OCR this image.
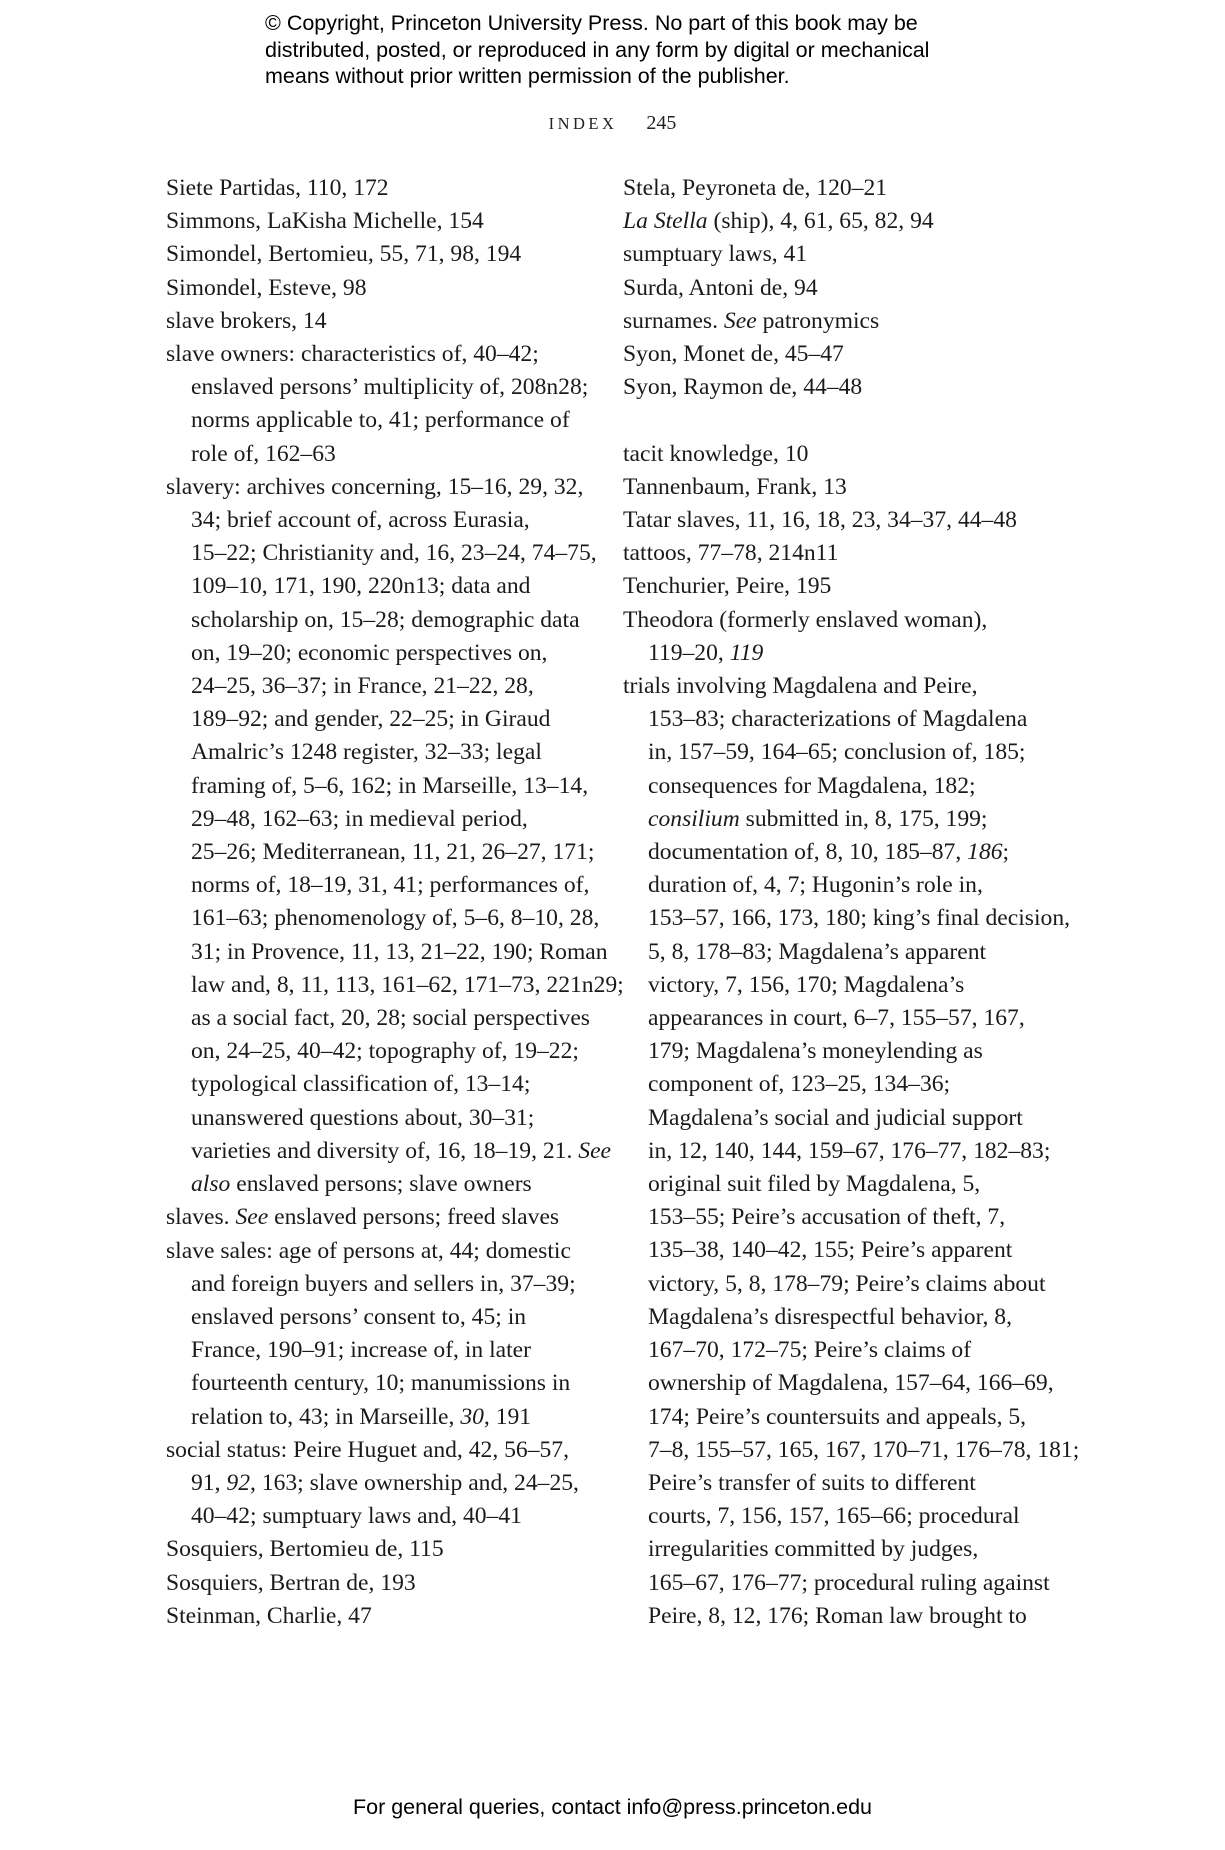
© Copyright, Princeton University Press. No part of this book may be
distributed, posted, or reproduced in any form by digital or mechanical
means without prior written permission of the publisher.
INDEX 245
Siete Partidas, 110, 172
Simmons, LaKisha Michelle, 154
Simondel, Bertomieu, 55, 71, 98, 194
Simondel, Esteve, 98
slave brokers, 14
slave owners: characteristics of, 40–42;
enslaved persons’ multiplicity of, 208n28;
norms applicable to, 41; performance of
role of, 162–63
slavery: archives concerning, 15–16, 29, 32,
34; brief account of, across Eurasia,
15–22; Christianity and, 16, 23–24, 74–75,
109–10, 171, 190, 220n13; data and
scholarship on, 15–28; demographic data
on, 19–20; economic perspectives on,
24–25, 36–37; in France, 21–22, 28,
189–92; and gender, 22–25; in Giraud
Amalric’s 1248 register, 32–33; legal
framing of, 5–6, 162; in Marseille, 13–14,
29–48, 162–63; in medieval period,
25–26; Mediterranean, 11, 21, 26–27, 171;
norms of, 18–19, 31, 41; performances of,
161–63; phenomenology of, 5–6, 8–10, 28,
31; in Provence, 11, 13, 21–22, 190; Roman
law and, 8, 11, 113, 161–62, 171–73, 221n29;
as a social fact, 20, 28; social perspectives
on, 24–25, 40–42; topography of, 19–22;
typological classification of, 13–14;
unanswered questions about, 30–31;
varieties and diversity of, 16, 18–19, 21. See
also enslaved persons; slave owners
slaves. See enslaved persons; freed slaves
slave sales: age of persons at, 44; domestic
and foreign buyers and sellers in, 37–39;
enslaved persons’ consent to, 45; in
France, 190–91; increase of, in later
fourteenth century, 10; manumissions in
relation to, 43; in Marseille, 30, 191
social status: Peire Huguet and, 42, 56–57,
91, 92, 163; slave ownership and, 24–25,
40–42; sumptuary laws and, 40–41
Sosquiers, Bertomieu de, 115
Sosquiers, Bertran de, 193
Steinman, Charlie, 47
Stela, Peyroneta de, 120–21
La Stella (ship), 4, 61, 65, 82, 94
sumptuary laws, 41
Surda, Antoni de, 94
surnames. See patronymics
Syon, Monet de, 45–47
Syon, Raymon de, 44–48
tacit knowledge, 10
Tannenbaum, Frank, 13
Tatar slaves, 11, 16, 18, 23, 34–37, 44–48
tattoos, 77–78, 214n11
Tenchurier, Peire, 195
Theodora (formerly enslaved woman),
119–20, 119
trials involving Magdalena and Peire,
153–83; characterizations of Magdalena
in, 157–59, 164–65; conclusion of, 185;
consequences for Magdalena, 182;
consilium submitted in, 8, 175, 199;
documentation of, 8, 10, 185–87, 186;
duration of, 4, 7; Hugonin’s role in,
153–57, 166, 173, 180; king’s final decision,
5, 8, 178–83; Magdalena’s apparent
victory, 7, 156, 170; Magdalena’s
appearances in court, 6–7, 155–57, 167,
179; Magdalena’s moneylending as
component of, 123–25, 134–36;
Magdalena’s social and judicial support
in, 12, 140, 144, 159–67, 176–77, 182–83;
original suit filed by Magdalena, 5,
153–55; Peire’s accusation of theft, 7,
135–38, 140–42, 155; Peire’s apparent
victory, 5, 8, 178–79; Peire’s claims about
Magdalena’s disrespectful behavior, 8,
167–70, 172–75; Peire’s claims of
ownership of Magdalena, 157–64, 166–69,
174; Peire’s countersuits and appeals, 5,
7–8, 155–57, 165, 167, 170–71, 176–78, 181;
Peire’s transfer of suits to different
courts, 7, 156, 157, 165–66; procedural
irregularities committed by judges,
165–67, 176–77; procedural ruling against
Peire, 8, 12, 176; Roman law brought to
For general queries, contact info@press.princeton.edu
